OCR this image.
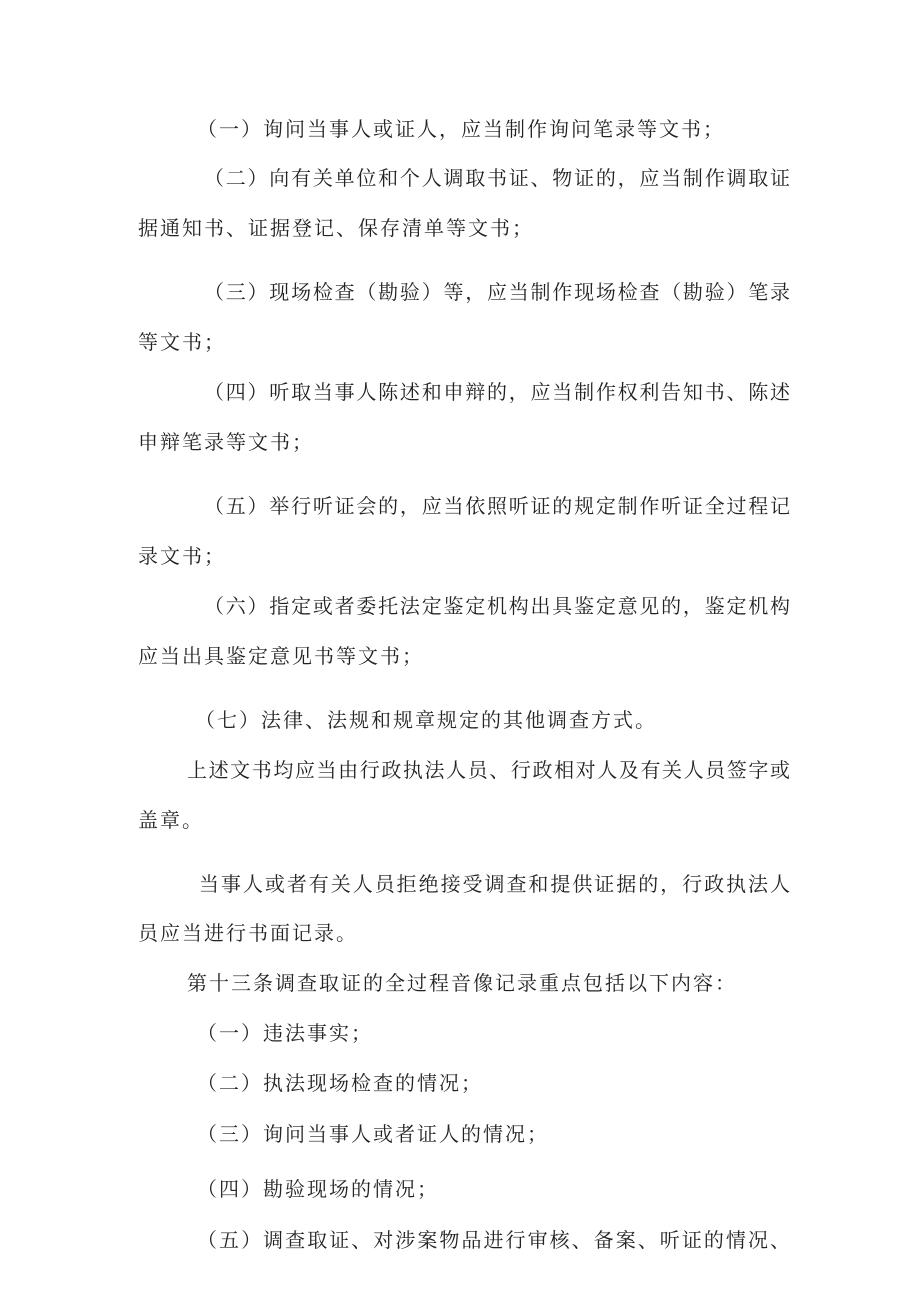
（一）询问当事人或证人，应当制作询问笔录等文书；
（二）向有关单位和个人调取书证、物证的，应当制作调取证
据通知书、证据登记、保存清单等文书；
（三）现场检查（勘验）等，应当制作现场检查（勘验）笔录
等文书；
（四）听取当事人陈述和申辩的，应当制作权利告知书、陈述
申辩笔录等文书；
（五）举行听证会的，应当依照听证的规定制作听证全过程记
录文书；
（六）指定或者委托法定鉴定机构出具鉴定意见的，鉴定机构
应当出具鉴定意见书等文书；
（七）法律、法规和规章规定的其他调查方式。
上述文书均应当由行政执法人员、行政相对人及有关人员签字或
盖章。
当事人或者有关人员拒绝接受调查和提供证据的，行政执法人
员应当进行书面记录。
第十三条调查取证的全过程音像记录重点包括以下内容：
（一）违法事实；
（二）执法现场检查的情况；
（三）询问当事人或者证人的情况；
（四）勘验现场的情况；
（五）调查取证、对涉案物品进行审核、备案、听证的情况、
